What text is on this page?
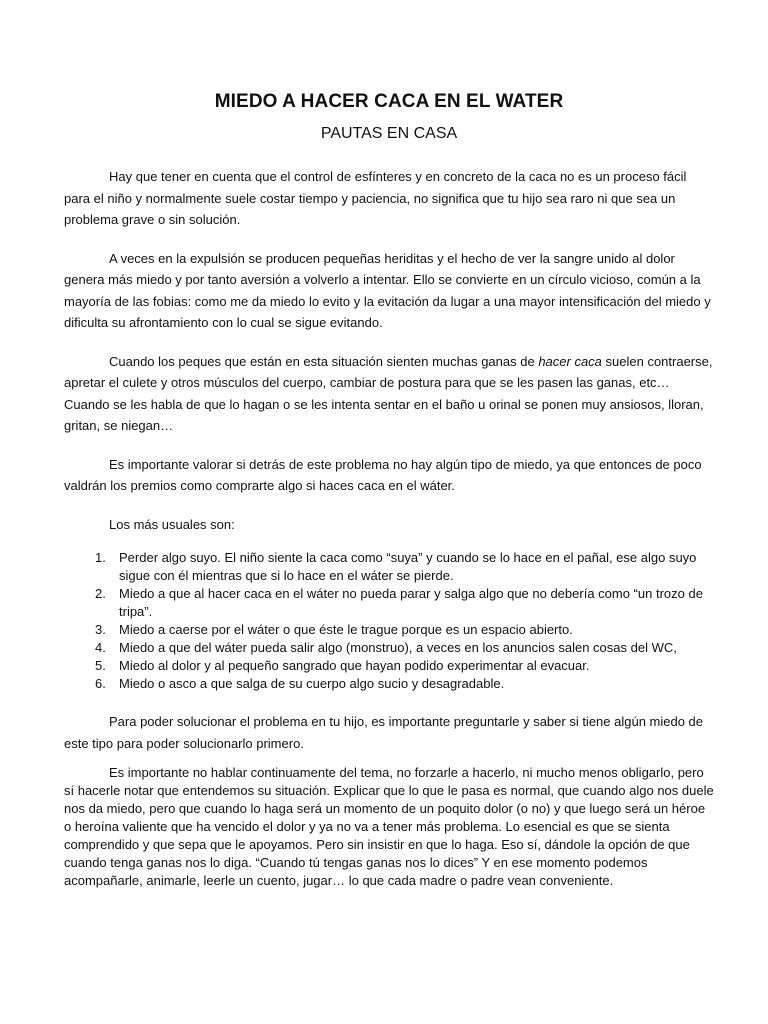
MIEDO A HACER CACA EN EL WATER
PAUTAS EN CASA

Hay que tener en cuenta que el control de esfínteres y en concreto de la caca no es un proceso fácil para el niño y normalmente suele costar tiempo y paciencia, no significa que tu hijo sea raro ni que sea un problema grave o sin solución.

A veces en la expulsión se producen pequeñas heriditas y el hecho de ver la sangre unido al dolor genera más miedo y por tanto aversión a volverlo a intentar. Ello se convierte en un círculo vicioso, común a la mayoría de las fobias: como me da miedo lo evito y la evitación da lugar a una mayor intensificación del miedo y dificulta su afrontamiento con lo cual se sigue evitando.

Cuando los peques que están en esta situación sienten muchas ganas de hacer caca suelen contraerse, apretar el culete y otros músculos del cuerpo, cambiar de postura para que se les pasen las ganas, etc… Cuando se les habla de que lo hagan o se les intenta sentar en el baño u orinal se ponen muy ansiosos, lloran, gritan, se niegan…

Es importante valorar si detrás de este problema no hay algún tipo de miedo, ya que entonces de poco valdrán los premios como comprarte algo si haces caca en el wáter.

Los más usuales son:

1. Perder algo suyo. El niño siente la caca como “suya” y cuando se lo hace en el pañal, ese algo suyo sigue con él mientras que si lo hace en el wáter se pierde.
2. Miedo a que al hacer caca en el wáter no pueda parar y salga algo que no debería como “un trozo de tripa”.
3. Miedo a caerse por el wáter o que éste le trague porque es un espacio abierto.
4. Miedo a que del wáter pueda salir algo (monstruo), a veces en los anuncios salen cosas del WC,
5. Miedo al dolor y al pequeño sangrado que hayan podido experimentar al evacuar.
6. Miedo o asco a que salga de su cuerpo algo sucio y desagradable.

Para poder solucionar el problema en tu hijo, es importante preguntarle y saber si tiene algún miedo de este tipo para poder solucionarlo primero.

Es importante no hablar continuamente del tema, no forzarle a hacerlo, ni mucho menos obligarlo, pero sí hacerle notar que entendemos su situación. Explicar que lo que le pasa es normal, que cuando algo nos duele nos da miedo, pero que cuando lo haga será un momento de un poquito dolor (o no) y que luego será un héroe o heroína valiente que ha vencido el dolor y ya no va a tener más problema. Lo esencial es que se sienta comprendido y que sepa que le apoyamos. Pero sin insistir en que lo haga. Eso sí, dándole la opción de que cuando tenga ganas nos lo diga. “Cuando tú tengas ganas nos lo dices” Y en ese momento podemos acompañarle, animarle, leerle un cuento, jugar… lo que cada madre o padre vean conveniente.
